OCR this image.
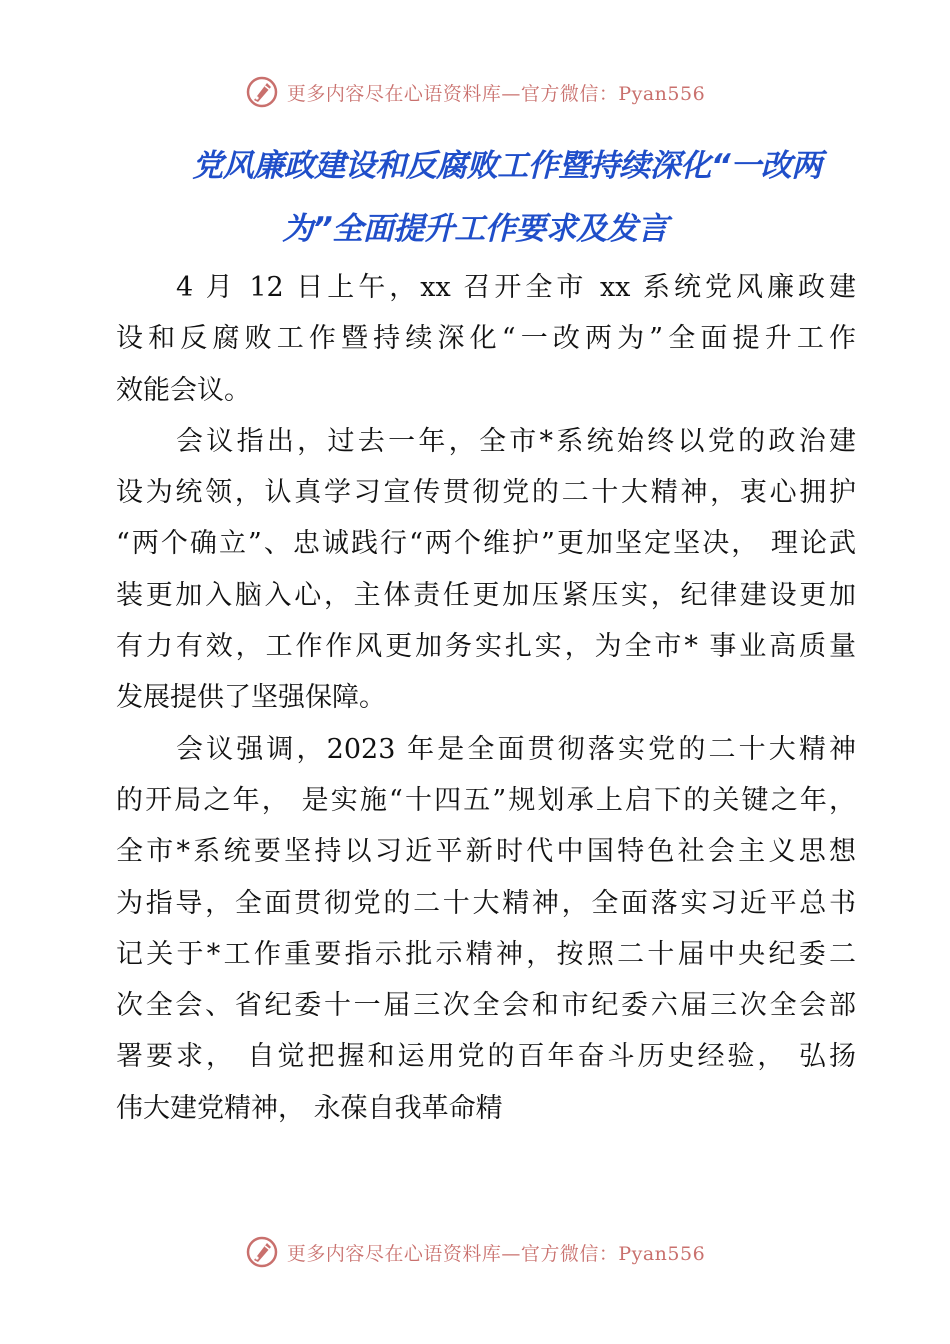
更多内容尽在心语资料库—官方微信：Pyan556
党风廉政建设和反腐败工作暨持续深化“一改两
为”全面提升工作要求及发言
4 月 12 日上午，xx 召开全市 xx 系统党风廉政建
设和反腐败工作暨持续深化“一改两为”全面提升工作
效能会议。
会议指出，过去一年，全市*系统始终以党的政治建
设为统领，认真学习宣传贯彻党的二十大精神，衷心拥护
“两个确立”、忠诚践行“两个维护”更加坚定坚决， 理论武
装更加入脑入心，主体责任更加压紧压实，纪律建设更加
有力有效，工作作风更加务实扎实，为全市* 事业高质量
发展提供了坚强保障。
会议强调，2023 年是全面贯彻落实党的二十大精神
的开局之年， 是实施“十四五”规划承上启下的关键之年，
全市*系统要坚持以习近平新时代中国特色社会主义思想
为指导，全面贯彻党的二十大精神，全面落实习近平总书
记关于*工作重要指示批示精神，按照二十届中央纪委二
次全会、省纪委十一届三次全会和市纪委六届三次全会部
署要求， 自觉把握和运用党的百年奋斗历史经验， 弘扬
伟大建党精神， 永葆自我革命精
更多内容尽在心语资料库—官方微信：Pyan556
